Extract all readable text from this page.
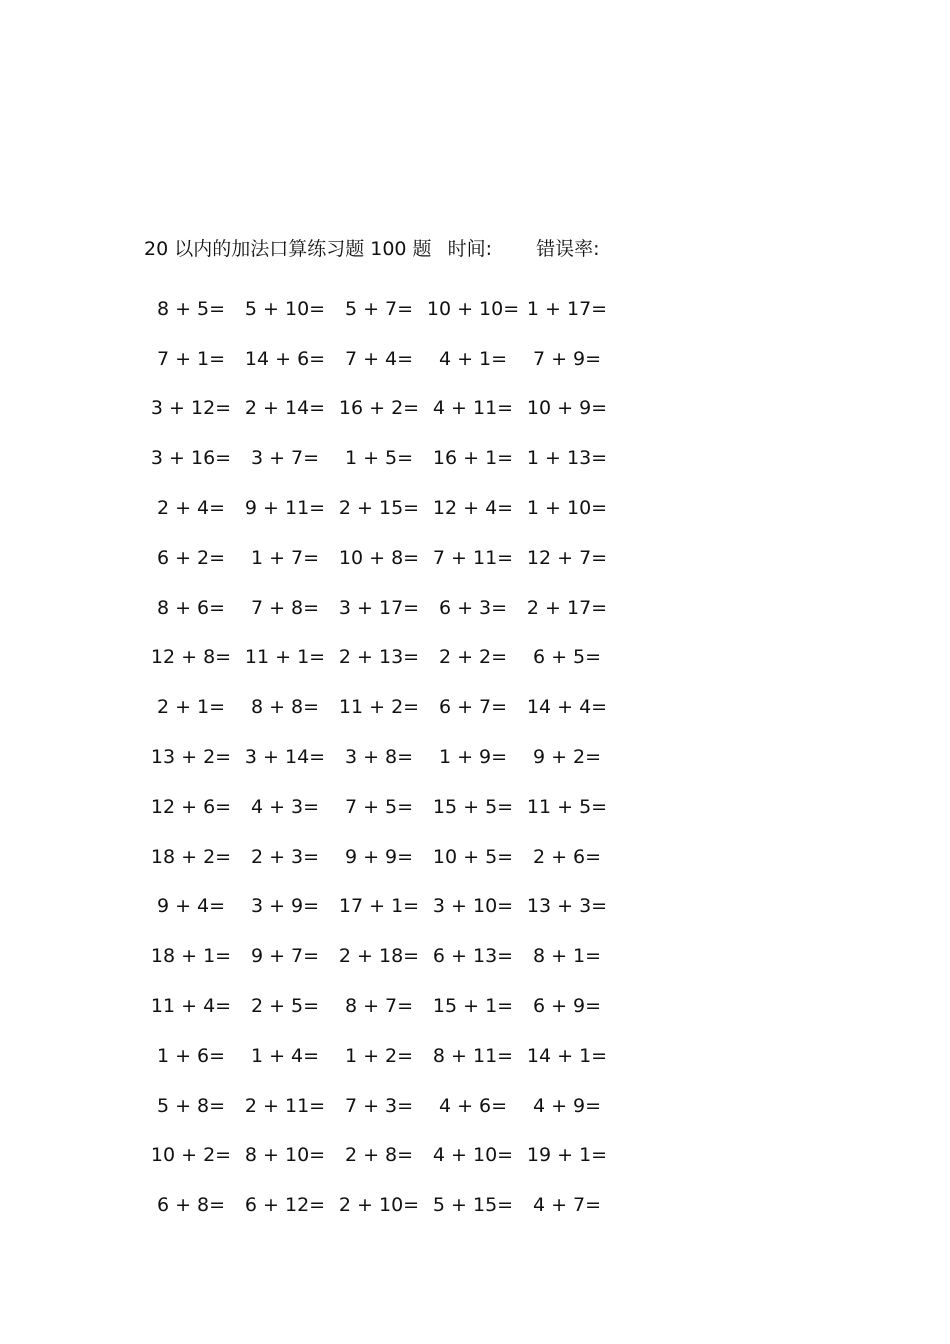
20 以内的加法口算练习题 100 题 时间: 错误率:
8 + 5=	5 + 10=	5 + 7= 10 + 10= 1 + 17=
7 + 1=	14 + 6=	7 + 4=	4 + 1=	7 + 9=
3 + 12= 2 + 14= 16 + 2= 4 + 11= 10 + 9=
3 + 16=	3 + 7=	1 + 5=	16 + 1= 1 + 13=
2 + 4=	9 + 11= 2 + 15= 12 + 4= 1 + 10=
6 + 2=	1 + 7=	10 + 8= 7 + 11= 12 + 7=
8 + 6=	7 + 8=	3 + 17=	6 + 3=	2 + 17=
12 + 8= 11 + 1= 2 + 13=	2 + 2=	6 + 5=
2 + 1=	8 + 8=	11 + 2=	6 + 7=	14 + 4=
13 + 2= 3 + 14=	3 + 8=	1 + 9=	9 + 2=
12 + 6=	4 + 3=	7 + 5=	15 + 5= 11 + 5=
18 + 2=	2 + 3=	9 + 9=	10 + 5=	2 + 6=
9 + 4=	3 + 9=	17 + 1= 3 + 10= 13 + 3=
18 + 1=	9 + 7=	2 + 18= 6 + 13=	8 + 1=
11 + 4=	2 + 5=	8 + 7=	15 + 1=	6 + 9=
1 + 6=	1 + 4=	1 + 2=	8 + 11= 14 + 1=
5 + 8=	2 + 11=	7 + 3=	4 + 6=	4 + 9=
10 + 2= 8 + 10=	2 + 8=	4 + 10= 19 + 1=
6 + 8=	6 + 12= 2 + 10= 5 + 15=	4 + 7=
